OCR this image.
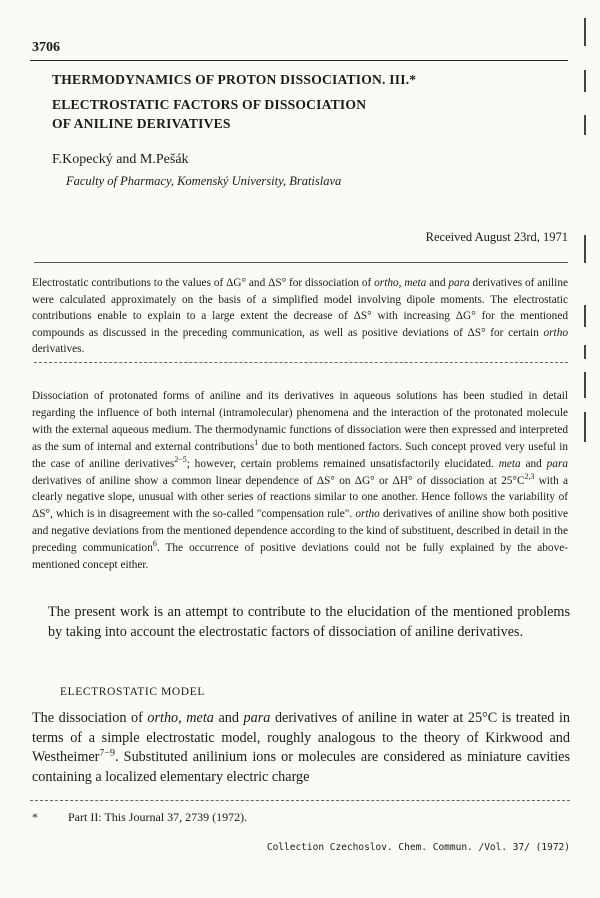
3706
THERMODYNAMICS OF PROTON DISSOCIATION. III.*
ELECTROSTATIC FACTORS OF DISSOCIATION
OF ANILINE DERIVATIVES
F.Kopecký and M.Pešák
Faculty of Pharmacy, Komenský University, Bratislava
Received August 23rd, 1971
Electrostatic contributions to the values of ΔG° and ΔS° for dissociation of ortho, meta and para derivatives of aniline were calculated approximately on the basis of a simplified model involving dipole moments. The electrostatic contributions enable to explain to a large extent the decrease of ΔS° with increasing ΔG° for the mentioned compounds as discussed in the preceding communication, as well as positive deviations of ΔS° for certain ortho derivatives.
Dissociation of protonated forms of aniline and its derivatives in aqueous solutions has been studied in detail regarding the influence of both internal (intramolecular) phenomena and the interaction of the protonated molecule with the external aqueous medium. The thermodynamic functions of dissociation were then expressed and interpreted as the sum of internal and external contributions$^1$ due to both mentioned factors. Such concept proved very useful in the case of aniline derivatives$^{2-5}$; however, certain problems remained unsatisfactorily elucidated. meta and para derivatives of aniline show a common linear dependence of ΔS° on ΔG° or ΔH° of dissociation at $25^\circ C^{2,3}$ with a clearly negative slope, unusual with other series of reactions similar to one another. Hence follows the variability of ΔS°, which is in disagreement with the so-called "compensation rule". ortho derivatives of aniline show both positive and negative deviations from the mentioned dependence according to the kind of substituent, described in detail in the preceding communication$^6$. The occurrence of positive deviations could not be fully explained by the above-mentioned concept either.
The present work is an attempt to contribute to the elucidation of the mentioned problems by taking into account the electrostatic factors of dissociation of aniline derivatives.
ELECTROSTATIC MODEL
The dissociation of ortho, meta and para derivatives of aniline in water at 25°C is treated in terms of a simple electrostatic model, roughly analogous to the theory of Kirkwood and Westheimer$^{7-9}$. Substituted anilinium ions or molecules are considered as miniature cavities containing a localized elementary electric charge
*	Part II: This Journal 37, 2739 (1972).
Collection Czechoslov. Chem. Commun. /Vol. 37/ (1972)
